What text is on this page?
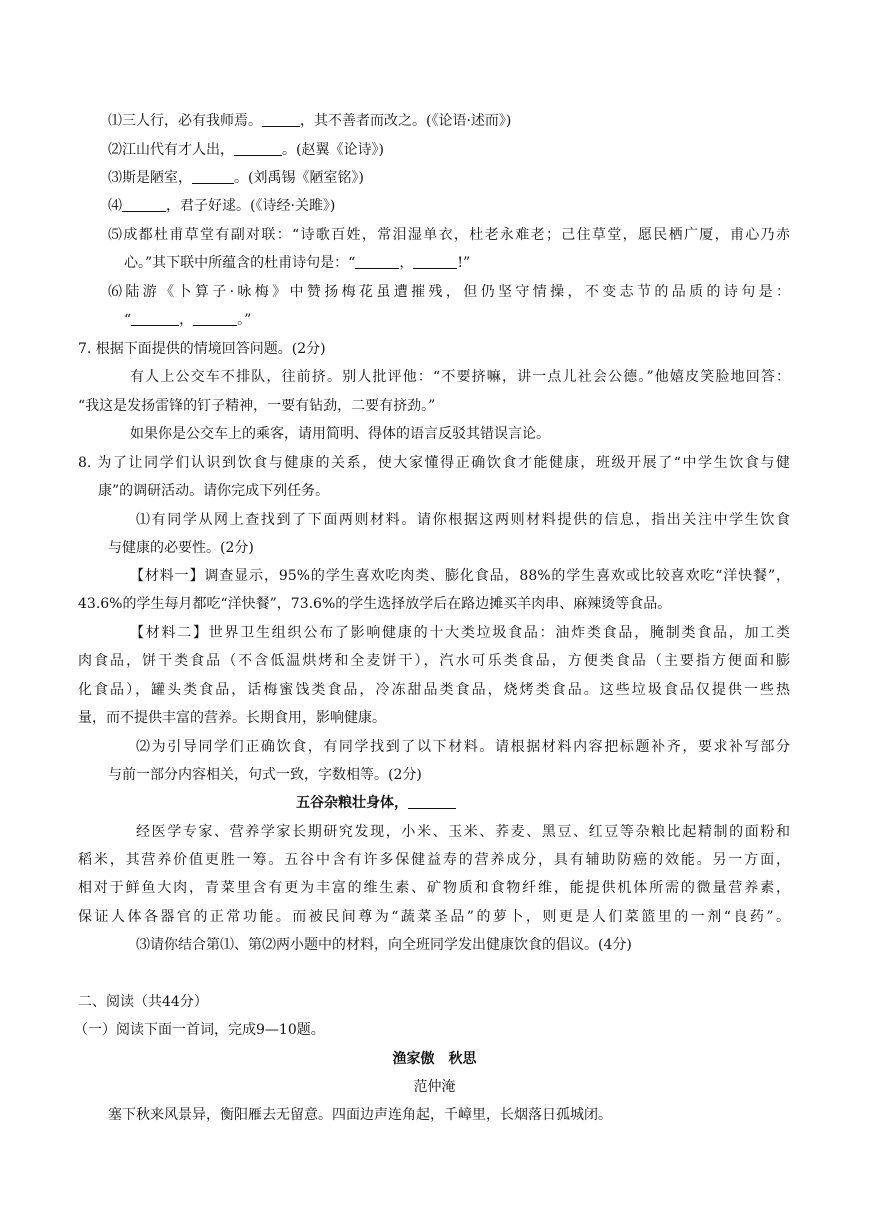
⑴三人行，必有我师焉。	，其不善者而改之。(《论语·述而》)
⑵江山代有才人出，	。(赵翼《论诗》)
⑶斯是陋室，	。(刘禹锡《陋室铭》)
⑷	，君子好逑。(《诗经·关雎》)
⑸成都杜甫草堂有副对联：“诗歌百姓，常泪湿单衣，杜老永难老；己住草堂，愿民栖广厦，甫心乃赤
心。”其下联中所蕴含的杜甫诗句是：“	，	!”
⑹陆游《卜算子·咏梅》中赞扬梅花虽遭摧残，但仍坚守情操，不变志节的品质的诗句是：
“	，	。”
7. 根据下面提供的情境回答问题。(2分)
有人上公交车不排队，往前挤。别人批评他：“不要挤嘛，讲一点儿社会公德。”他嬉皮笑脸地回答：
“我这是发扬雷锋的钉子精神，一要有钻劲，二要有挤劲。”
如果你是公交车上的乘客，请用简明、得体的语言反驳其错误言论。
8. 为了让同学们认识到饮食与健康的关系，使大家懂得正确饮食才能健康，班级开展了“中学生饮食与健
康”的调研活动。请你完成下列任务。
⑴有同学从网上查找到了下面两则材料。请你根据这两则材料提供的信息，指出关注中学生饮食
与健康的必要性。(2分)
【材料一】调查显示，95%的学生喜欢吃肉类、膨化食品，88%的学生喜欢或比较喜欢吃“洋快餐”，
43.6%的学生每月都吃“洋快餐”，73.6%的学生选择放学后在路边摊买羊肉串、麻辣烫等食品。
【材料二】世界卫生组织公布了影响健康的十大类垃圾食品：油炸类食品，腌制类食品，加工类
肉食品，饼干类食品（不含低温烘烤和全麦饼干），汽水可乐类食品，方便类食品（主要指方便面和膨
化食品），罐头类食品，话梅蜜饯类食品，冷冻甜品类食品，烧烤类食品。这些垃圾食品仅提供一些热
量，而不提供丰富的营养。长期食用，影响健康。
⑵为引导同学们正确饮食，有同学找到了以下材料。请根据材料内容把标题补齐，要求补写部分
与前一部分内容相关，句式一致，字数相等。(2分)
五谷杂粮壮身体，
经医学专家、营养学家长期研究发现，小米、玉米、荞麦、黑豆、红豆等杂粮比起精制的面粉和
稻米，其营养价值更胜一筹。五谷中含有许多保健益寿的营养成分，具有辅助防癌的效能。另一方面，
相对于鲜鱼大肉，青菜里含有更为丰富的维生素、矿物质和食物纤维，能提供机体所需的微量营养素，
保证人体各器官的正常功能。而被民间尊为“蔬菜圣品”的萝卜，则更是人们菜篮里的一剂“良药”。
⑶请你结合第⑴、第⑵两小题中的材料，向全班同学发出健康饮食的倡议。(4分)
二、阅读（共44分）
（一）阅读下面一首词，完成9—10题。
渔家傲　秋思
范仲淹
塞下秋来风景异，衡阳雁去无留意。四面边声连角起，千嶂里，长烟落日孤城闭。
